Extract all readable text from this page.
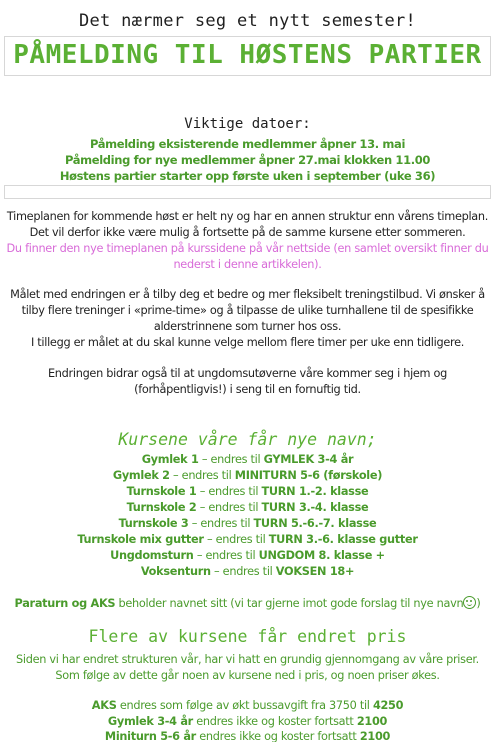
Det nærmer seg et nytt semester!
PÅMELDING TIL HØSTENS PARTIER
Viktige datoer:
Påmelding eksisterende medlemmer åpner 13. mai
Påmelding for nye medlemmer åpner 27.mai klokken 11.00
Høstens partier starter opp første uken i september (uke 36)
Timeplanen for kommende høst er helt ny og har en annen struktur enn vårens timeplan.
Det vil derfor ikke være mulig å fortsette på de samme kursene etter sommeren.
Du finner den nye timeplanen på kurssidene på vår nettside (en samlet oversikt finner du nederst i denne artikkelen).
Målet med endringen er å tilby deg et bedre og mer fleksibelt treningstilbud. Vi ønsker å tilby flere treninger i «prime-time» og å tilpasse de ulike turnhallene til de spesifikke alderstrinnene som turner hos oss.
I tillegg er målet at du skal kunne velge mellom flere timer per uke enn tidligere.
Endringen bidrar også til at ungdomsutøverne våre kommer seg i hjem og (forhåpentligvis!) i seng til en fornuftig tid.
Kursene våre får nye navn;
Gymlek 1 – endres til GYMLEK 3-4 år
Gymlek 2 – endres til MINITURN 5-6 (førskole)
Turnskole 1 – endres til TURN 1.-2. klasse
Turnskole 2 – endres til TURN 3.-4. klasse
Turnskole 3 – endres til TURN 5.-6.-7. klasse
Turnskole mix gutter – endres til TURN 3.-6. klasse gutter
Ungdomsturn – endres til UNGDOM 8. klasse +
Voksenturn – endres til VOKSEN 18+
Paraturn og AKS beholder navnet sitt (vi tar gjerne imot gode forslag til nye navn )
Flere av kursene får endret pris
Siden vi har endret strukturen vår, har vi hatt en grundig gjennomgang av våre priser.
Som følge av dette går noen av kursene ned i pris, og noen priser økes.
AKS endres som følge av økt bussavgift fra 3750 til 4250
Gymlek 3-4 år endres ikke og koster fortsatt 2100
Miniturn 5-6 år endres ikke og koster fortsatt 2100
